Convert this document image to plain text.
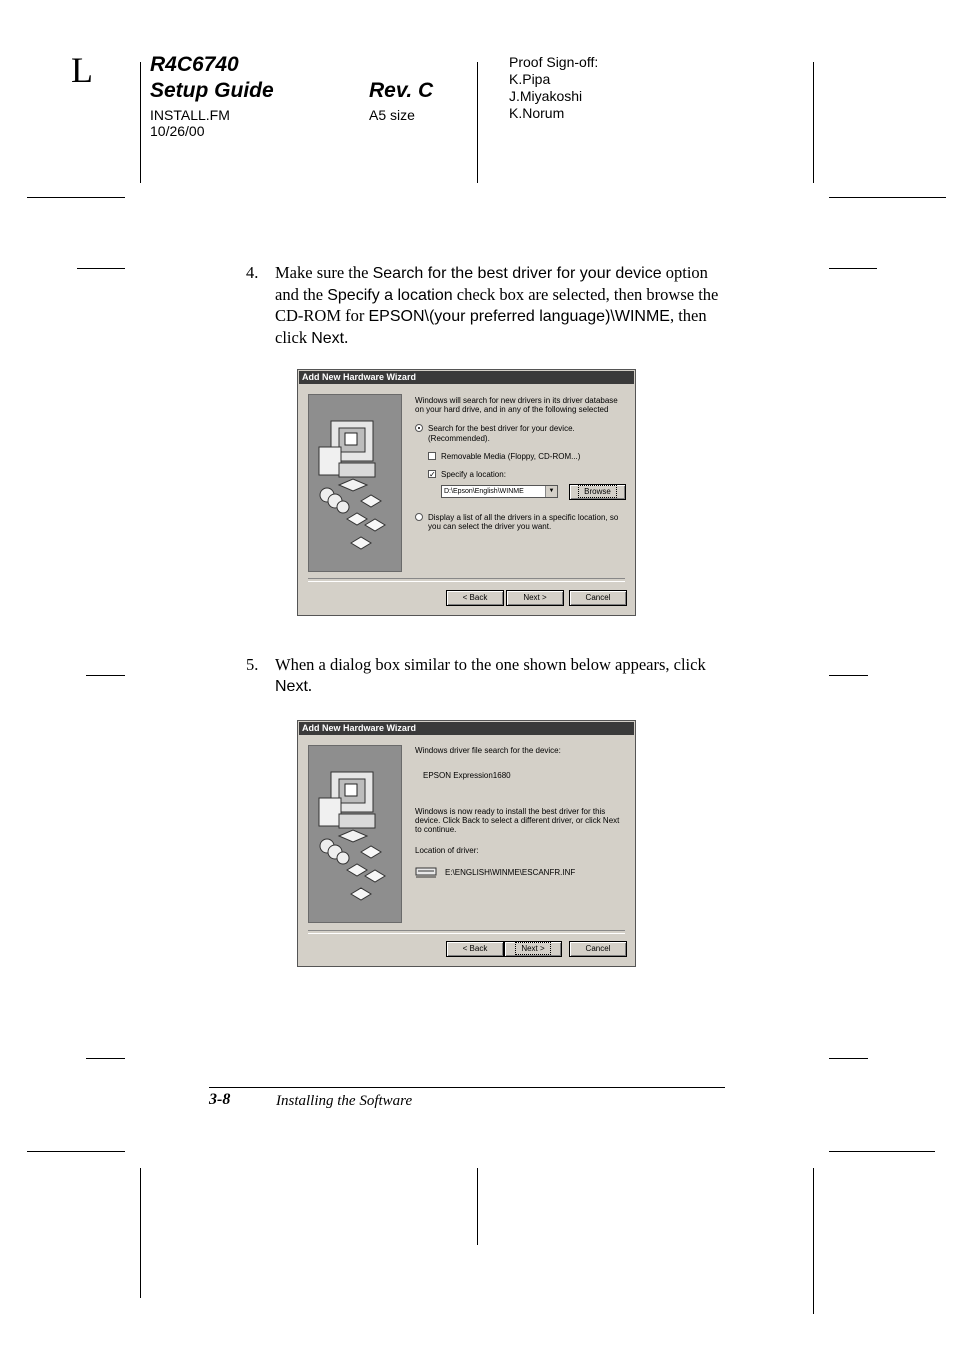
L	R4C6740
Setup Guide	Rev. C
INSTALL.FM
10/26/00
A5 size
Proof Sign-off:
K.Pipa
J.Miyakoshi
K.Norum
4. Make sure the Search for the best driver for your device option and the Specify a location check box are selected, then browse the CD-ROM for EPSON\(your preferred language)\WINME, then click Next.
Add New Hardware Wizard
Windows will search for new drivers in its driver database
on your hard drive, and in any of the following selected
Search for the best driver for your device.
(Recommended).
Removable Media (Floppy, CD-ROM...)
✓ Specify a location:
D:\Epson\English\WINME	▼	Browse
Display a list of all the drivers in a specific location, so
you can select the driver you want.
< Back	Next >	Cancel
5. When a dialog box similar to the one shown below appears, click Next.
Add New Hardware Wizard
Windows driver file search for the device:
EPSON Expression1680
Windows is now ready to install the best driver for this
device. Click Back to select a different driver, or click Next
to continue.
Location of driver:
E:\ENGLISH\WINME\ESCANFR.INF
< Back	Next >	Cancel
3-8	Installing the Software
